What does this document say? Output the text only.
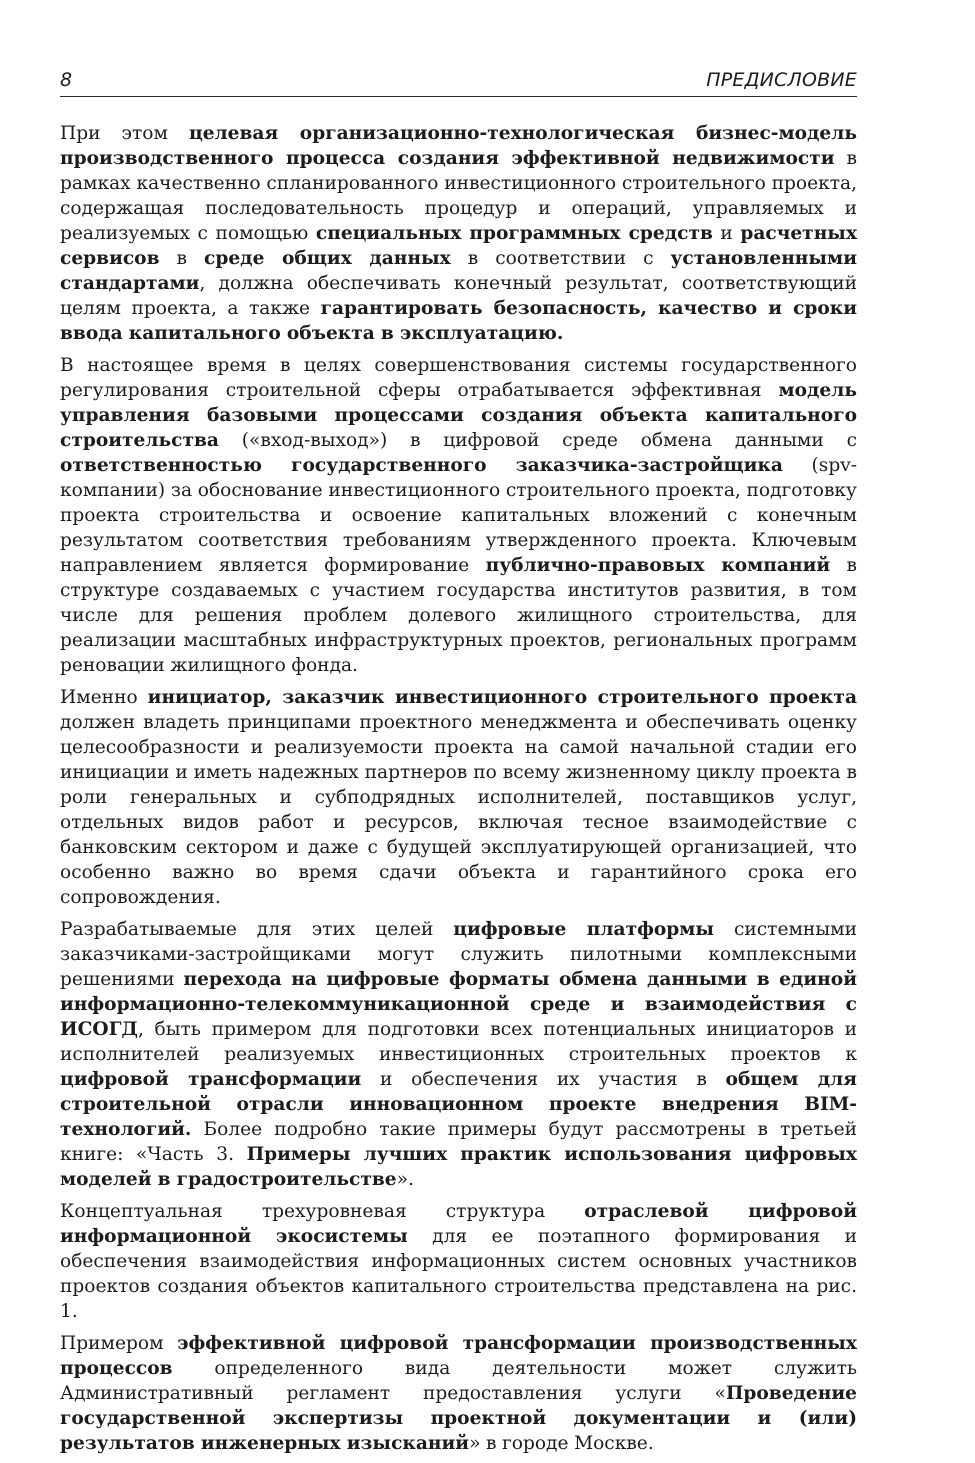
8	ПРЕДИСЛОВИЕ

При этом целевая организационно-технологическая бизнес-модель производственного процесса создания эффективной недвижимости в рамках качественно спланированного инвестиционного строительного проекта, содержащая последовательность процедур и операций, управляемых и реализуемых с помощью специальных программных средств и расчетных сервисов в среде общих данных в соответствии с установленными стандартами, должна обеспечивать конечный результат, соответствующий целям проекта, а также гарантировать безопасность, качество и сроки ввода капитального объекта в эксплуатацию.

В настоящее время в целях совершенствования системы государственного регулирования строительной сферы отрабатывается эффективная модель управления базовыми процессами создания объекта капитального строительства («вход-выход») в цифровой среде обмена данными с ответственностью государственного заказчика-застройщика (spv-компании) за обоснование инвестиционного строительного проекта, подготовку проекта строительства и освоение капитальных вложений с конечным результатом соответствия требованиям утвержденного проекта. Ключевым направлением является формирование публично-правовых компаний в структуре создаваемых с участием государства институтов развития, в том числе для решения проблем долевого жилищного строительства, для реализации масштабных инфраструктурных проектов, региональных программ реновации жилищного фонда.

Именно инициатор, заказчик инвестиционного строительного проекта должен владеть принципами проектного менеджмента и обеспечивать оценку целесообразности и реализуемости проекта на самой начальной стадии его инициации и иметь надежных партнеров по всему жизненному циклу проекта в роли генеральных и субподрядных исполнителей, поставщиков услуг, отдельных видов работ и ресурсов, включая тесное взаимодействие с банковским сектором и даже с будущей эксплуатирующей организацией, что особенно важно во время сдачи объекта и гарантийного срока его сопровождения.

Разрабатываемые для этих целей цифровые платформы системными заказчиками-застройщиками могут служить пилотными комплексными решениями перехода на цифровые форматы обмена данными в единой информационно-телекоммуникационной среде и взаимодействия с ИСОГД, быть примером для подготовки всех потенциальных инициаторов и исполнителей реализуемых инвестиционных строительных проектов к цифровой трансформации и обеспечения их участия в общем для строительной отрасли инновационном проекте внедрения BIM-технологий. Более подробно такие примеры будут рассмотрены в третьей книге: «Часть 3. Примеры лучших практик использования цифровых моделей в градостроительстве».

Концептуальная трехуровневая структура отраслевой цифровой информационной экосистемы для ее поэтапного формирования и обеспечения взаимодействия информационных систем основных участников проектов создания объектов капитального строительства представлена на рис. 1.

Примером эффективной цифровой трансформации производственных процессов определенного вида деятельности может служить Административный регламент предоставления услуги «Проведение государственной экспертизы проектной документации и (или) результатов инженерных изысканий» в городе Москве.
